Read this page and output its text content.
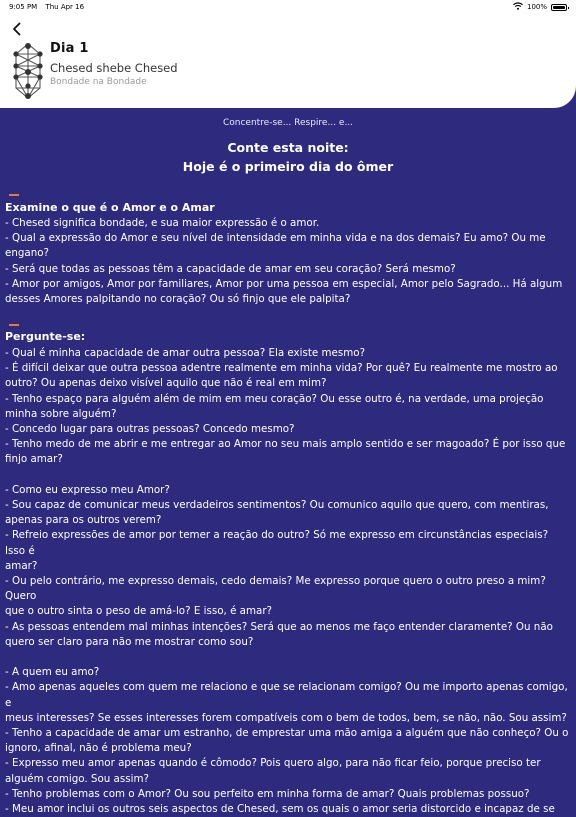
9:05 PM Thu Apr 16	100%
Dia 1
Chesed shebe Chesed
Bondade na Bondade
Concentre-se... Respire... e...
Conte esta noite:
Hoje é o primeiro dia do ômer
Examine o que é o Amor e o Amar
- Chesed significa bondade, e sua maior expressão é o amor.
- Qual a expressão do Amor e seu nível de intensidade em minha vida e na dos demais? Eu amo? Ou me
engano?
- Será que todas as pessoas têm a capacidade de amar em seu coração? Será mesmo?
- Amor por amigos, Amor por familiares, Amor por uma pessoa em especial, Amor pelo Sagrado... Há algum
desses Amores palpitando no coração? Ou só finjo que ele palpita?
Pergunte-se:
- Qual é minha capacidade de amar outra pessoa? Ela existe mesmo?
- É difícil deixar que outra pessoa adentre realmente em minha vida? Por quê? Eu realmente me mostro ao
outro? Ou apenas deixo visível aquilo que não é real em mim?
- Tenho espaço para alguém além de mim em meu coração? Ou esse outro é, na verdade, uma projeção
minha sobre alguém?
- Concedo lugar para outras pessoas? Concedo mesmo?
- Tenho medo de me abrir e me entregar ao Amor no seu mais amplo sentido e ser magoado? É por isso que
finjo amar?
- Como eu expresso meu Amor?
- Sou capaz de comunicar meus verdadeiros sentimentos? Ou comunico aquilo que quero, com mentiras,
apenas para os outros verem?
- Refreio expressões de amor por temer a reação do outro? Só me expresso em circunstâncias especiais? Isso é
amar?
- Ou pelo contrário, me expresso demais, cedo demais? Me expresso porque quero o outro preso a mim? Quero
que o outro sinta o peso de amá-lo? E isso, é amar?
- As pessoas entendem mal minhas intenções? Será que ao menos me faço entender claramente? Ou não
quero ser claro para não me mostrar como sou?
- A quem eu amo?
- Amo apenas aqueles com quem me relaciono e que se relacionam comigo? Ou me importo apenas comigo, e
meus interesses? Se esses interesses forem compatíveis com o bem de todos, bem, se não, não. Sou assim?
- Tenho a capacidade de amar um estranho, de emprestar uma mão amiga a alguém que não conheço? Ou o
ignoro, afinal, não é problema meu?
- Expresso meu amor apenas quando é cômodo? Pois quero algo, para não ficar feio, porque preciso ter
alguém comigo. Sou assim?
- Tenho problemas com o Amor? Ou sou perfeito em minha forma de amar? Quais problemas possuo?
- Meu amor inclui os outros seis aspectos de Chesed, sem os quais o amor seria distorcido e incapaz de se
